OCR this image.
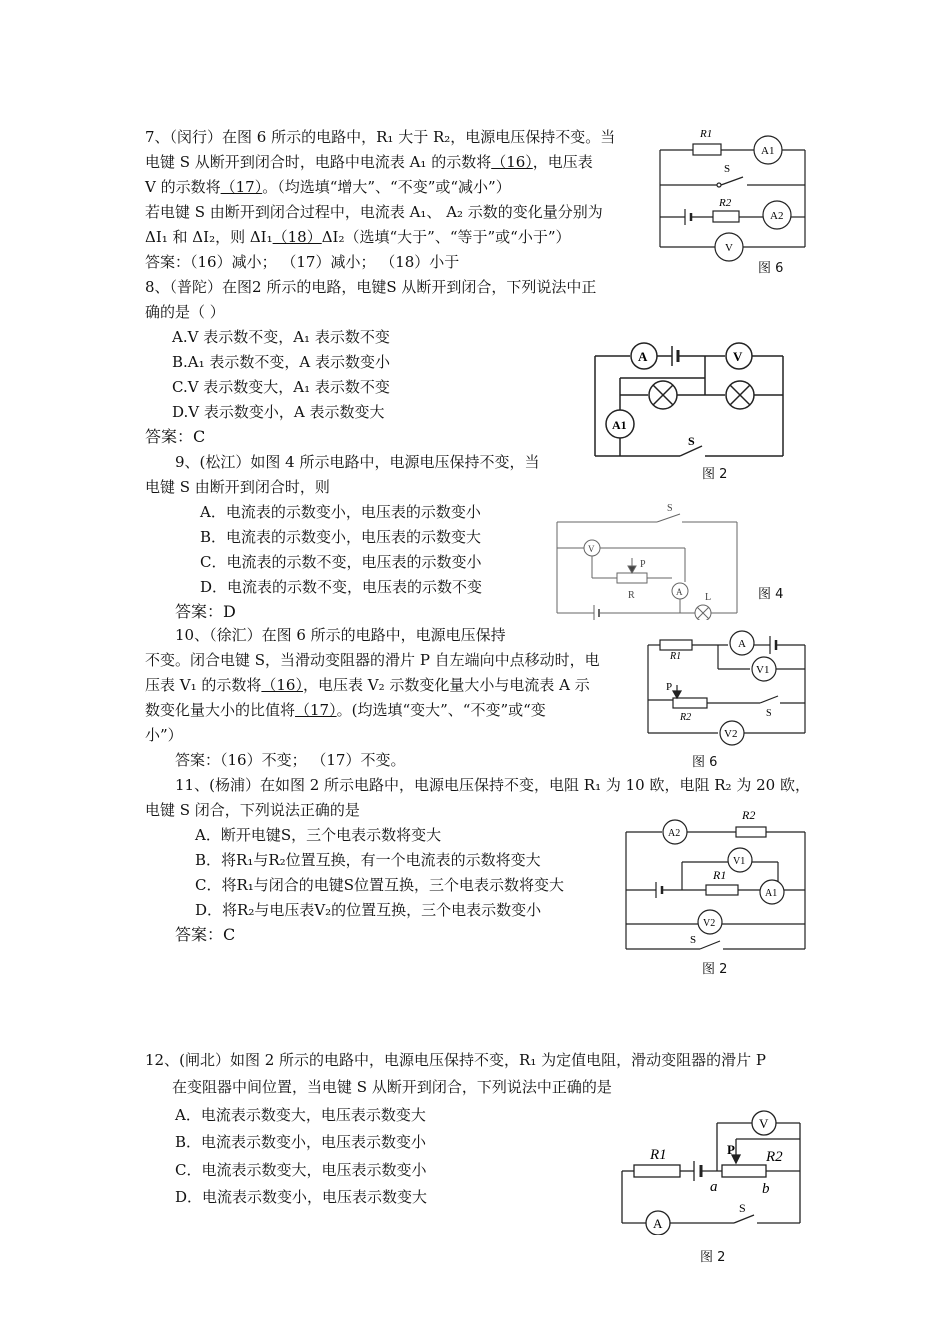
7、（闵行）在图 6 所示的电路中，R₁ 大于 R₂，电源电压保持不变。当
电键 S 从断开到闭合时，电路中电流表 A₁ 的示数将（16），电压表
V 的示数将（17）。（均选填“增大”、“不变”或“减小”）
若电键 S 由断开到闭合过程中，电流表 A₁、 A₂ 示数的变化量分别为
ΔI₁ 和 ΔI₂，则 ΔI₁（18）ΔI₂（选填“大于”、“等于”或“小于”）
答案：（16）减小； （17）减小； （18）小于
R1
A1
S
R2
A2
V
图 6
8、（普陀）在图2 所示的电路，电键S 从断开到闭合，下列说法中正
确的是（ ）
A.V 表示数不变，A₁ 表示数不变
B.A₁ 表示数不变，A 表示数变小
C.V 表示数变大，A₁ 表示数不变
D.V 表示数变小，A 表示数变大
答案：C
A	V
A1
S
图 2
9、(松江）如图 4 所示电路中，电源电压保持不变，当
电键 S 由断开到闭合时，则
A．电流表的示数变小，电压表的示数变小
B．电流表的示数变小，电压表的示数变大
C．电流表的示数不变，电压表的示数变小
D．电流表的示数不变，电压表的示数不变
答案：D
S
V
P
R	A L	图 4
10、（徐汇）在图 6 所示的电路中，电源电压保持
不变。闭合电键 S，当滑动变阻器的滑片 P 自左端向中点移动时，电
压表 V₁ 的示数将（16），电压表 V₂ 示数变化量大小与电流表 A 示
数变化量大小的比值将（17）。(均选填“变大”、“不变”或“变
小”）
答案：（16）不变； （17）不变。
R1
A
V1
P
R2	S
V2
图 6
11、(杨浦）在如图 2 所示电路中，电源电压保持不变，电阻 R₁ 为 10 欧，电阻 R₂ 为 20 欧，
电键 S 闭合，下列说法正确的是
A．断开电键S，三个电表示数将变大
B．将R₁与R₂位置互换，有一个电流表的示数将变大
C．将R₁与闭合的电键S位置互换，三个电表示数将变大
D．将R₂与电压表V₂的位置互换，三个电表示数变小
答案：C
R2
A2
V1
R1
A1
V2
S
图 2
12、(闸北）如图 2 所示的电路中，电源电压保持不变，R₁ 为定值电阻，滑动变阻器的滑片 P
在变阻器中间位置，当电键 S 从断开到闭合，下列说法中正确的是
A．电流表示数变大，电压表示数变大
B．电流表示数变小，电压表示数变小
C．电流表示数变大，电压表示数变小
D．电流表示数变小，电压表示数变大
V
R1	P R2
a	b
A
S
图 2
